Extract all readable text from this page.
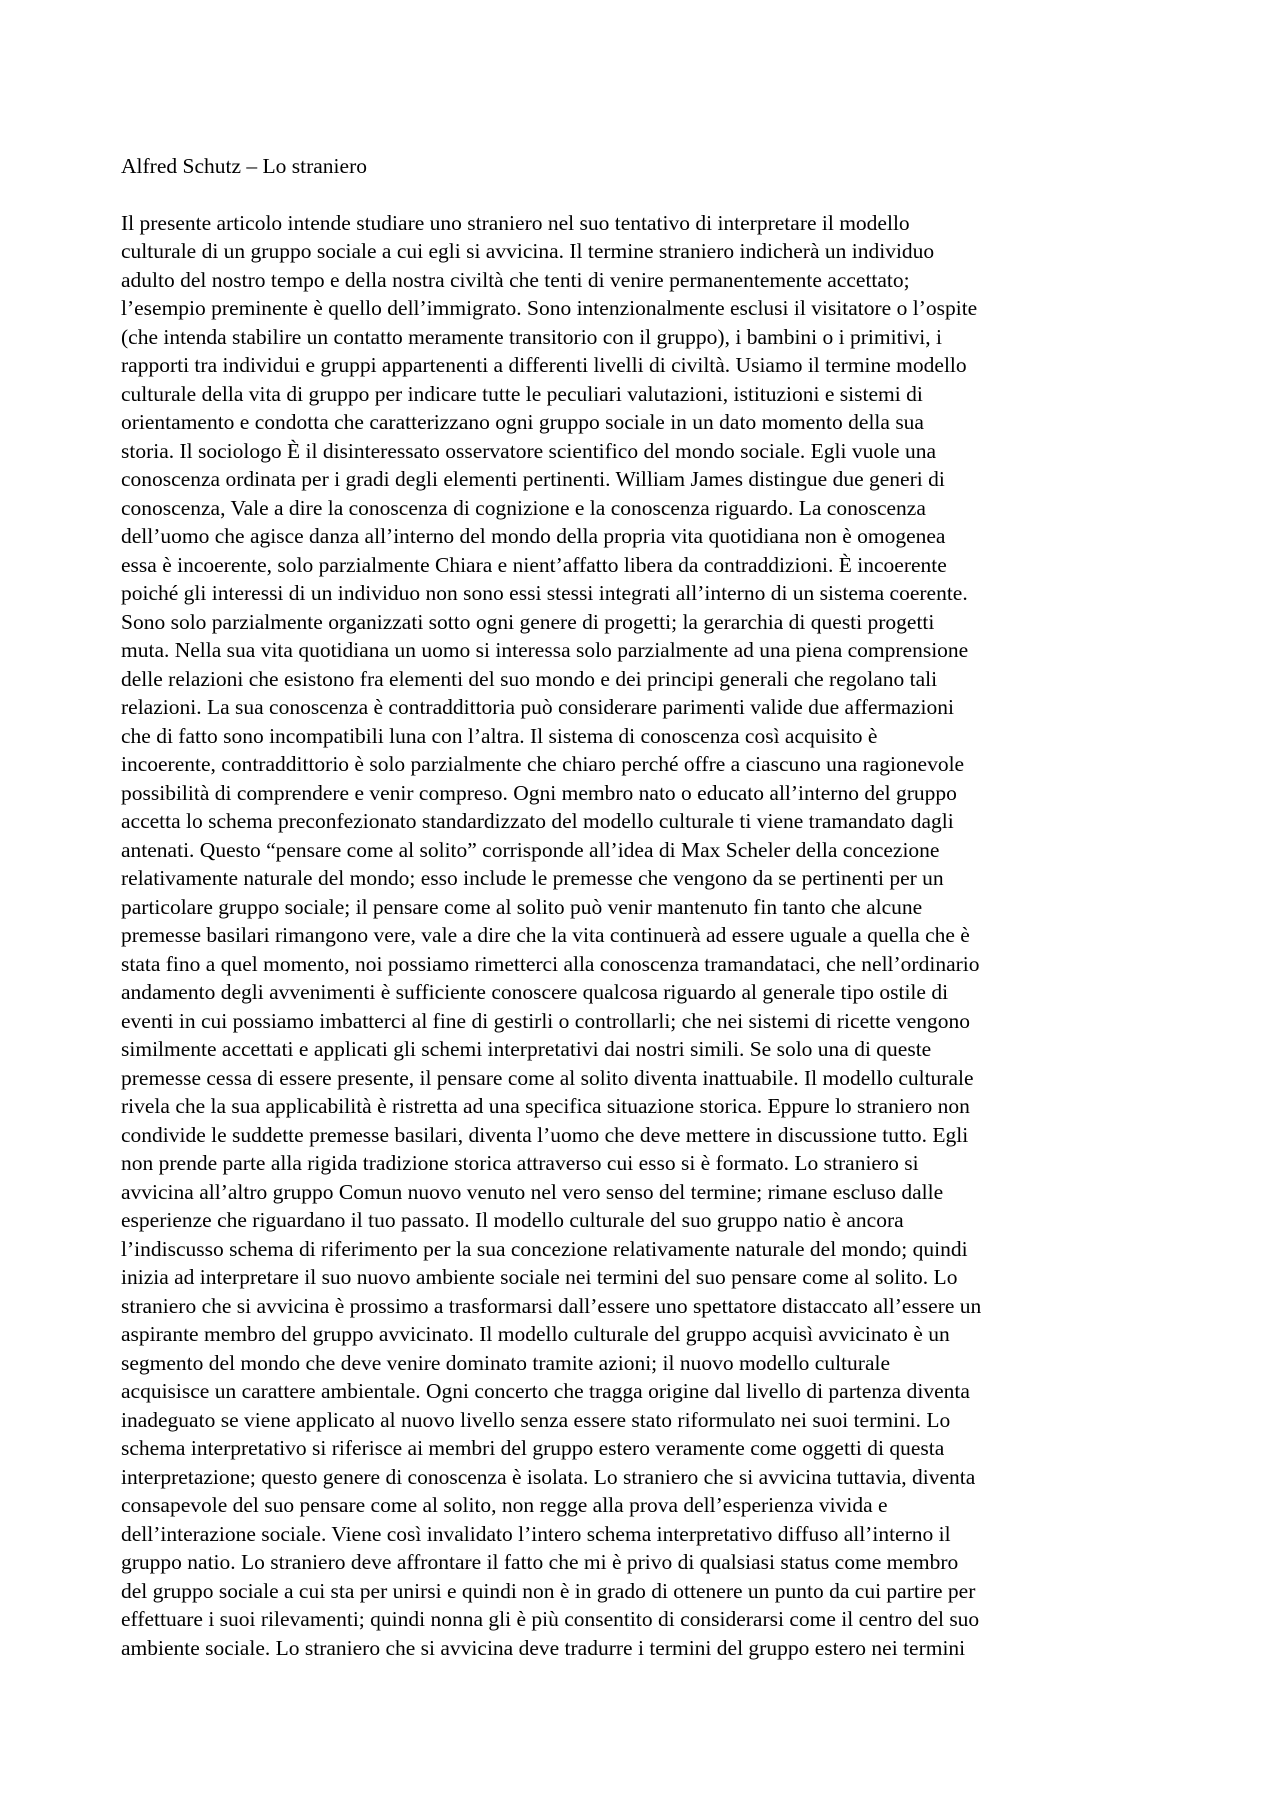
Alfred Schutz – Lo straniero
Il presente articolo intende studiare uno straniero nel suo tentativo di interpretare il modello
culturale di un gruppo sociale a cui egli si avvicina. Il termine straniero indicherà un individuo
adulto del nostro tempo e della nostra civiltà che tenti di venire permanentemente accettato;
l’esempio preminente è quello dell’immigrato. Sono intenzionalmente esclusi il visitatore o l’ospite
(che intenda stabilire un contatto meramente transitorio con il gruppo), i bambini o i primitivi, i
rapporti tra individui e gruppi appartenenti a differenti livelli di civiltà. Usiamo il termine modello
culturale della vita di gruppo per indicare tutte le peculiari valutazioni, istituzioni e sistemi di
orientamento e condotta che caratterizzano ogni gruppo sociale in un dato momento della sua
storia. Il sociologo È il disinteressato osservatore scientifico del mondo sociale. Egli vuole una
conoscenza ordinata per i gradi degli elementi pertinenti. William James distingue due generi di
conoscenza, Vale a dire la conoscenza di cognizione e la conoscenza riguardo. La conoscenza
dell’uomo che agisce danza all’interno del mondo della propria vita quotidiana non è omogenea
essa è incoerente, solo parzialmente Chiara e nient’affatto libera da contraddizioni. È incoerente
poiché gli interessi di un individuo non sono essi stessi integrati all’interno di un sistema coerente.
Sono solo parzialmente organizzati sotto ogni genere di progetti; la gerarchia di questi progetti
muta. Nella sua vita quotidiana un uomo si interessa solo parzialmente ad una piena comprensione
delle relazioni che esistono fra elementi del suo mondo e dei principi generali che regolano tali
relazioni. La sua conoscenza è contraddittoria può considerare parimenti valide due affermazioni
che di fatto sono incompatibili luna con l’altra. Il sistema di conoscenza così acquisito è
incoerente, contraddittorio è solo parzialmente che chiaro perché offre a ciascuno una ragionevole
possibilità di comprendere e venir compreso. Ogni membro nato o educato all’interno del gruppo
accetta lo schema preconfezionato standardizzato del modello culturale ti viene tramandato dagli
antenati. Questo “pensare come al solito” corrisponde all’idea di Max Scheler della concezione
relativamente naturale del mondo; esso include le premesse che vengono da se pertinenti per un
particolare gruppo sociale; il pensare come al solito può venir mantenuto fin tanto che alcune
premesse basilari rimangono vere, vale a dire che la vita continuerà ad essere uguale a quella che è
stata fino a quel momento, noi possiamo rimetterci alla conoscenza tramandataci, che nell’ordinario
andamento degli avvenimenti è sufficiente conoscere qualcosa riguardo al generale tipo ostile di
eventi in cui possiamo imbatterci al fine di gestirli o controllarli; che nei sistemi di ricette vengono
similmente accettati e applicati gli schemi interpretativi dai nostri simili. Se solo una di queste
premesse cessa di essere presente, il pensare come al solito diventa inattuabile. Il modello culturale
rivela che la sua applicabilità è ristretta ad una specifica situazione storica. Eppure lo straniero non
condivide le suddette premesse basilari, diventa l’uomo che deve mettere in discussione tutto. Egli
non prende parte alla rigida tradizione storica attraverso cui esso si è formato. Lo straniero si
avvicina all’altro gruppo Comun nuovo venuto nel vero senso del termine; rimane escluso dalle
esperienze che riguardano il tuo passato. Il modello culturale del suo gruppo natio è ancora
l’indiscusso schema di riferimento per la sua concezione relativamente naturale del mondo; quindi
inizia ad interpretare il suo nuovo ambiente sociale nei termini del suo pensare come al solito. Lo
straniero che si avvicina è prossimo a trasformarsi dall’essere uno spettatore distaccato all’essere un
aspirante membro del gruppo avvicinato. Il modello culturale del gruppo acquisì avvicinato è un
segmento del mondo che deve venire dominato tramite azioni; il nuovo modello culturale
acquisisce un carattere ambientale. Ogni concerto che tragga origine dal livello di partenza diventa
inadeguato se viene applicato al nuovo livello senza essere stato riformulato nei suoi termini. Lo
schema interpretativo si riferisce ai membri del gruppo estero veramente come oggetti di questa
interpretazione; questo genere di conoscenza è isolata. Lo straniero che si avvicina tuttavia, diventa
consapevole del suo pensare come al solito, non regge alla prova dell’esperienza vivida e
dell’interazione sociale. Viene così invalidato l’intero schema interpretativo diffuso all’interno il
gruppo natio. Lo straniero deve affrontare il fatto che mi è privo di qualsiasi status come membro
del gruppo sociale a cui sta per unirsi e quindi non è in grado di ottenere un punto da cui partire per
effettuare i suoi rilevamenti; quindi nonna gli è più consentito di considerarsi come il centro del suo
ambiente sociale. Lo straniero che si avvicina deve tradurre i termini del gruppo estero nei termini
